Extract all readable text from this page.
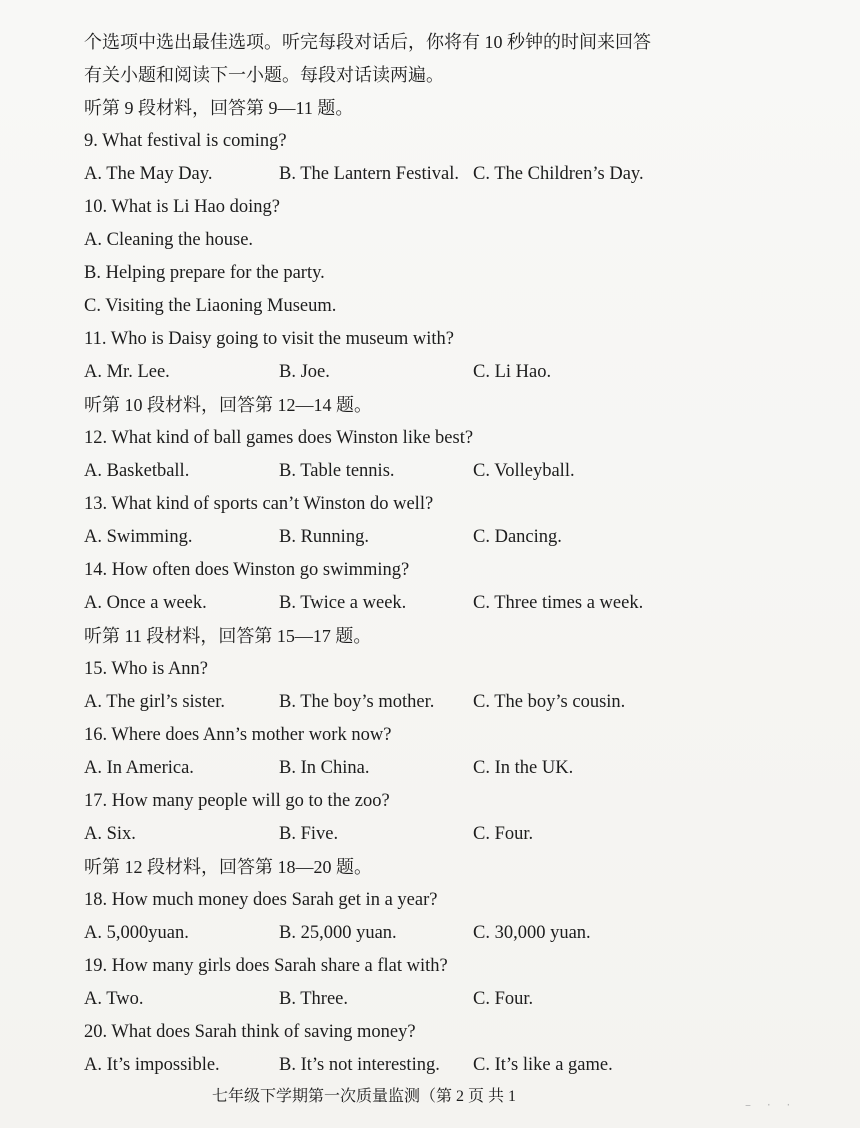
个选项中选出最佳选项。听完每段对话后，你将有 10 秒钟的时间来回答
有关小题和阅读下一小题。每段对话读两遍。
听第 9 段材料，回答第 9—11 题。
9. What festival is coming?
A. The May Day.	B. The Lantern Festival. C. The Children’s Day.
10. What is Li Hao doing?
A. Cleaning the house.
B. Helping prepare for the party.
C. Visiting the Liaoning Museum.
11. Who is Daisy going to visit the museum with?
A. Mr. Lee.	B. Joe.	C. Li Hao.
听第 10 段材料，回答第 12—14 题。
12. What kind of ball games does Winston like best?
A. Basketball.	B. Table tennis.	C. Volleyball.
13. What kind of sports can’t Winston do well?
A. Swimming.	B. Running.	C. Dancing.
14. How often does Winston go swimming?
A. Once a week.	B. Twice a week.	C. Three times a week.
听第 11 段材料，回答第 15—17 题。
15. Who is Ann?
A. The girl’s sister.	B. The boy’s mother.	C. The boy’s cousin.
16. Where does Ann’s mother work now?
A. In America.	B. In China.	C. In the UK.
17. How many people will go to the zoo?
A. Six.	B. Five.	C. Four.
听第 12 段材料，回答第 18—20 题。
18. How much money does Sarah get in a year?
A. 5,000yuan.	B. 25,000 yuan.	C. 30,000 yuan.
19. How many girls does Sarah share a flat with?
A. Two.	B. Three.	C. Four.
20. What does Sarah think of saving money?
A. It’s impossible.	B. It’s not interesting.	C. It’s like a game.
七年级下学期第一次质量监测（第 2 页 共 1	– · ·
